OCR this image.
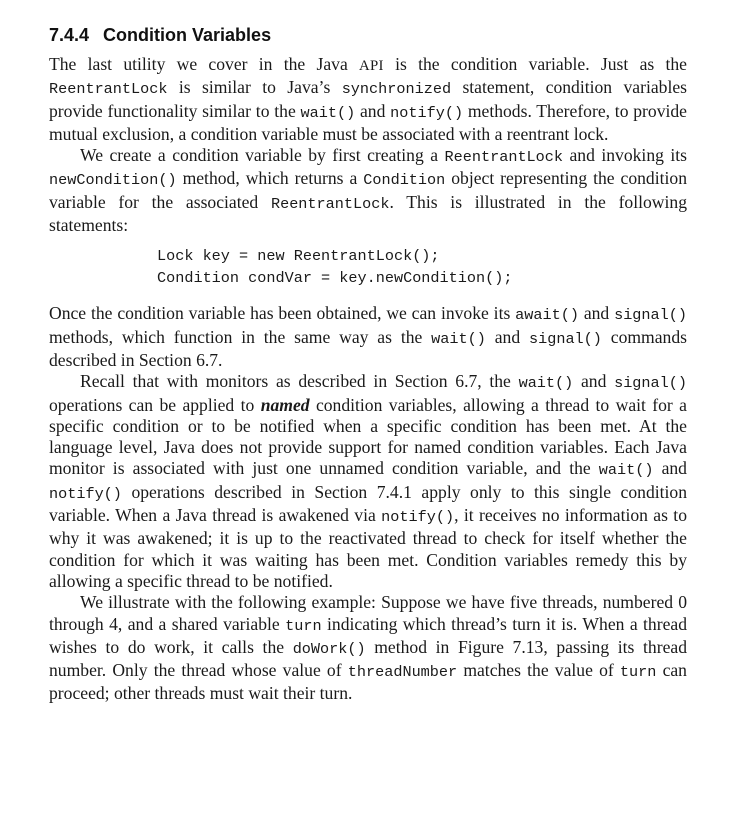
7.4.4 Condition Variables

The last utility we cover in the Java API is the condition variable. Just as the ReentrantLock is similar to Java’s synchronized statement, condition variables provide functionality similar to the wait() and notify() methods. Therefore, to provide mutual exclusion, a condition variable must be associated with a reentrant lock.

We create a condition variable by first creating a ReentrantLock and invoking its newCondition() method, which returns a Condition object representing the condition variable for the associated ReentrantLock. This is illustrated in the following statements:

Lock key = new ReentrantLock();
Condition condVar = key.newCondition();

Once the condition variable has been obtained, we can invoke its await() and signal() methods, which function in the same way as the wait() and signal() commands described in Section 6.7.

Recall that with monitors as described in Section 6.7, the wait() and signal() operations can be applied to named condition variables, allowing a thread to wait for a specific condition or to be notified when a specific condition has been met. At the language level, Java does not provide support for named condition variables. Each Java monitor is associated with just one unnamed condition variable, and the wait() and notify() operations described in Section 7.4.1 apply only to this single condition variable. When a Java thread is awakened via notify(), it receives no information as to why it was awakened; it is up to the reactivated thread to check for itself whether the condition for which it was waiting has been met. Condition variables remedy this by allowing a specific thread to be notified.

We illustrate with the following example: Suppose we have five threads, numbered 0 through 4, and a shared variable turn indicating which thread’s turn it is. When a thread wishes to do work, it calls the doWork() method in Figure 7.13, passing its thread number. Only the thread whose value of threadNumber matches the value of turn can proceed; other threads must wait their turn.
